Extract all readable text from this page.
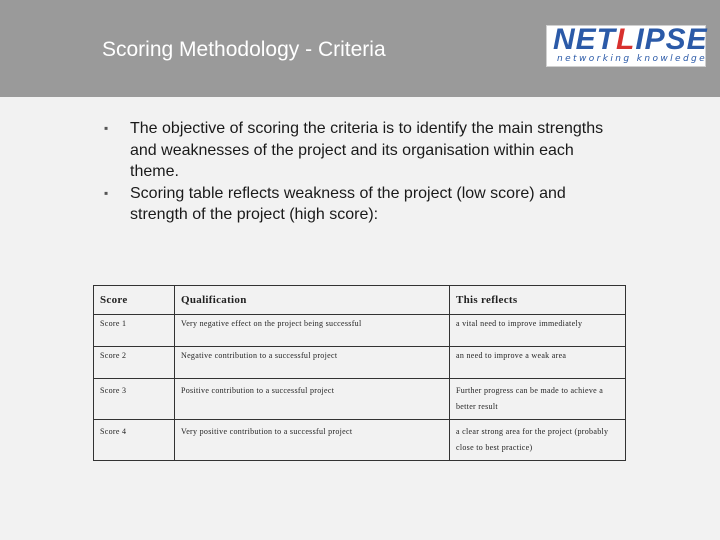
Scoring Methodology - Criteria	NETLIPSE
networking knowledge
▪ The objective of scoring the criteria is to identify the main strengths and weaknesses of the project and its organisation within each theme.
▪ Scoring table reflects weakness of the project (low score) and strength of the project (high score):
Score	Qualification	This reflects
Score 1	Very negative effect on the project being successful	a vital need to improve immediately
Score 2	Negative contribution to a successful project	an need to improve a weak area
Score 3	Positive contribution to a successful project	Further progress can be made to achieve a better result
Score 4	Very positive contribution to a successful project	a clear strong area for the project (probably close to best practice)
